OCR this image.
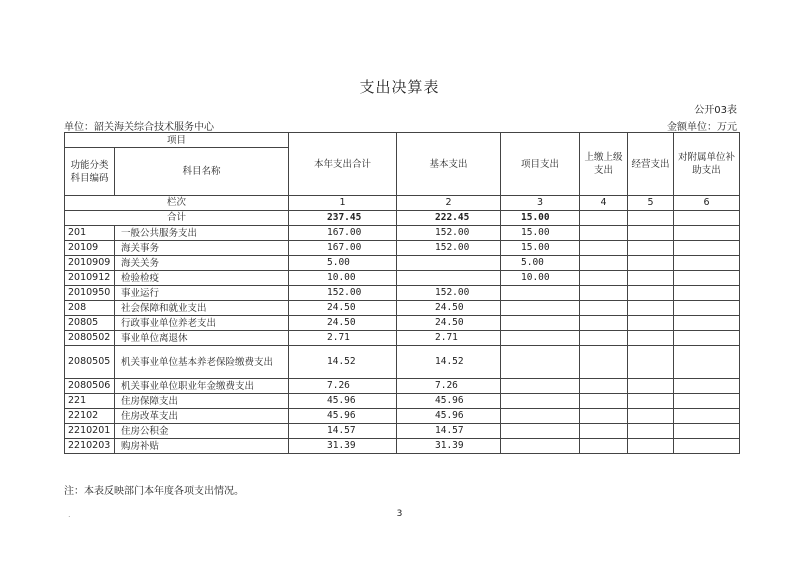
支出决算表
公开03表
单位：韶关海关综合技术服务中心	金额单位：万元
项目		本年支出合计	基本支出	项目支出	上缴上级支出	经营支出	对附属单位补助支出
功能分类科目编码	科目名称						
栏次		1	2	3	4	5	6
合计		237.45	222.45	15.00			
201	一般公共服务支出	167.00	152.00	15.00			
20109	海关事务	167.00	152.00	15.00			
2010909	海关关务	5.00		5.00			
2010912	检验检疫	10.00		10.00			
2010950	事业运行	152.00	152.00				
208	社会保障和就业支出	24.50	24.50				
20805	行政事业单位养老支出	24.50	24.50				
2080502	事业单位离退休	2.71	2.71				
2080505	机关事业单位基本养老保险缴费支出	14.52	14.52				
2080506	机关事业单位职业年金缴费支出	7.26	7.26				
221	住房保障支出	45.96	45.96				
22102	住房改革支出	45.96	45.96				
2210201	住房公积金	14.57	14.57				
2210203	购房补贴	31.39	31.39				
注：本表反映部门本年度各项支出情况。
.	3
